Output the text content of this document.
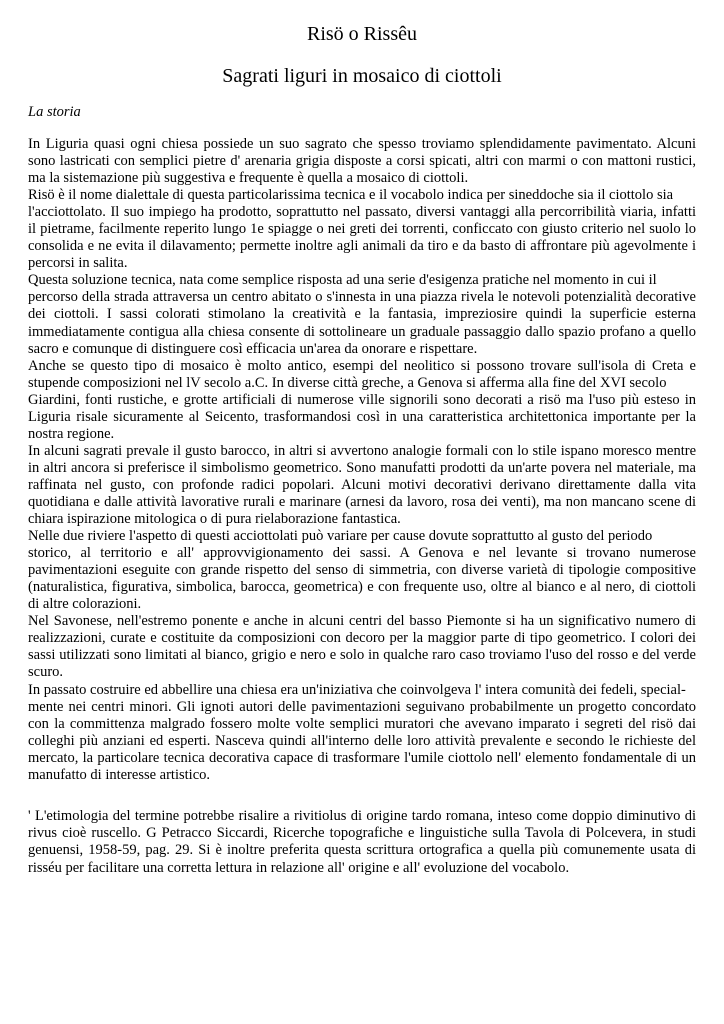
Risö o Rissêu
Sagrati liguri in mosaico di ciottoli

La storia

In Liguria quasi ogni chiesa possiede un suo sagrato che spesso troviamo splendidamente pavimentato. Alcuni
sono lastricati con semplici pietre d' arenaria grigia disposte a corsi spicati, altri con marmi o con mattoni rustici,
ma la sistemazione più suggestiva e frequente è quella a mosaico di ciottoli.
Risö è il nome dialettale di questa particolarissima tecnica e il vocabolo indica per sineddoche sia il ciottolo sia
l'acciottolato. Il suo impiego ha prodotto, soprattutto nel passato, diversi vantaggi alla percorribilità viaria, infatti
il pietrame, facilmente reperito lungo 1e spiagge o nei greti dei torrenti, conficcato con giusto criterio nel suolo lo
consolida e ne evita il dilavamento; permette inoltre agli animali da tiro e da basto di affrontare più agevolmente i
percorsi in salita.
Questa soluzione tecnica, nata come semplice risposta ad una serie d'esigenza pratiche nel momento in cui il
percorso della strada attraversa un centro abitato o s'innesta in una piazza rivela le notevoli potenzialità decorative
dei ciottoli. I sassi colorati stimolano la creatività e la fantasia, impreziosire quindi la superficie esterna
immediatamente contigua alla chiesa consente di sottolineare un graduale passaggio dallo spazio profano a quello
sacro e comunque di distinguere così efficacia un'area da onorare e rispettare.
Anche se questo tipo di mosaico è molto antico, esempi del neolitico si possono trovare sull'isola di Creta e
stupende composizioni nel lV secolo a.C. In diverse città greche, a Genova si afferma alla fine del XVI secolo
Giardini, fonti rustiche, e grotte artificiali di numerose ville signorili sono decorati a risö ma l'uso più esteso in
Liguria risale sicuramente al Seicento, trasformandosi così in una caratteristica architettonica importante per la
nostra regione.
In alcuni sagrati prevale il gusto barocco, in altri si avvertono analogie formali con lo stile ispano moresco mentre
in altri ancora si preferisce il simbolismo geometrico. Sono manufatti prodotti da un'arte povera nel materiale, ma
raffinata nel gusto, con profonde radici popolari. Alcuni motivi decorativi derivano direttamente dalla vita
quotidiana e dalle attività lavorative rurali e marinare (arnesi da lavoro, rosa dei venti), ma non mancano scene di
chiara ispirazione mitologica o di pura rielaborazione fantastica.
Nelle due riviere l'aspetto di questi acciottolati può variare per cause dovute soprattutto al gusto del periodo
storico, al territorio e all' approvvigionamento dei sassi. A Genova e nel levante si trovano numerose
pavimentazioni eseguite con grande rispetto del senso di simmetria, con diverse varietà di tipologie compositive
(naturalistica, figurativa, simbolica, barocca, geometrica) e con frequente uso, oltre al bianco e al nero, di ciottoli
di altre colorazioni.
Nel Savonese, nell'estremo ponente e anche in alcuni centri del basso Piemonte si ha un significativo numero di
realizzazioni, curate e costituite da composizioni con decoro per la maggior parte di tipo geometrico. I colori dei
sassi utilizzati sono limitati al bianco, grigio e nero e solo in qualche raro caso troviamo l'uso del rosso e del verde
scuro.
In passato costruire ed abbellire una chiesa era un'iniziativa che coinvolgeva l' intera comunità dei fedeli, special-
mente nei centri minori. Gli ignoti autori delle pavimentazioni seguivano probabilmente un progetto concordato
con la committenza malgrado fossero molte volte semplici muratori che avevano imparato i segreti del risö dai
colleghi più anziani ed esperti. Nasceva quindi all'interno delle loro attività prevalente e secondo le richieste del
mercato, la particolare tecnica decorativa capace di trasformare l'umile ciottolo nell' elemento fondamentale di un
manufatto di interesse artistico.
' L'etimologia del termine potrebbe risalire a rivitiolus di origine tardo romana, inteso come doppio diminutivo di
rivus cioè ruscello. G Petracco Siccardi, Ricerche topografiche e linguistiche sulla Tavola di Polcevera, in studi
genuensi, 1958-59, pag. 29. Si è inoltre preferita questa scrittura ortografica a quella più comunemente usata di
risséu per facilitare una corretta lettura in relazione all' origine e all' evoluzione del vocabolo.
